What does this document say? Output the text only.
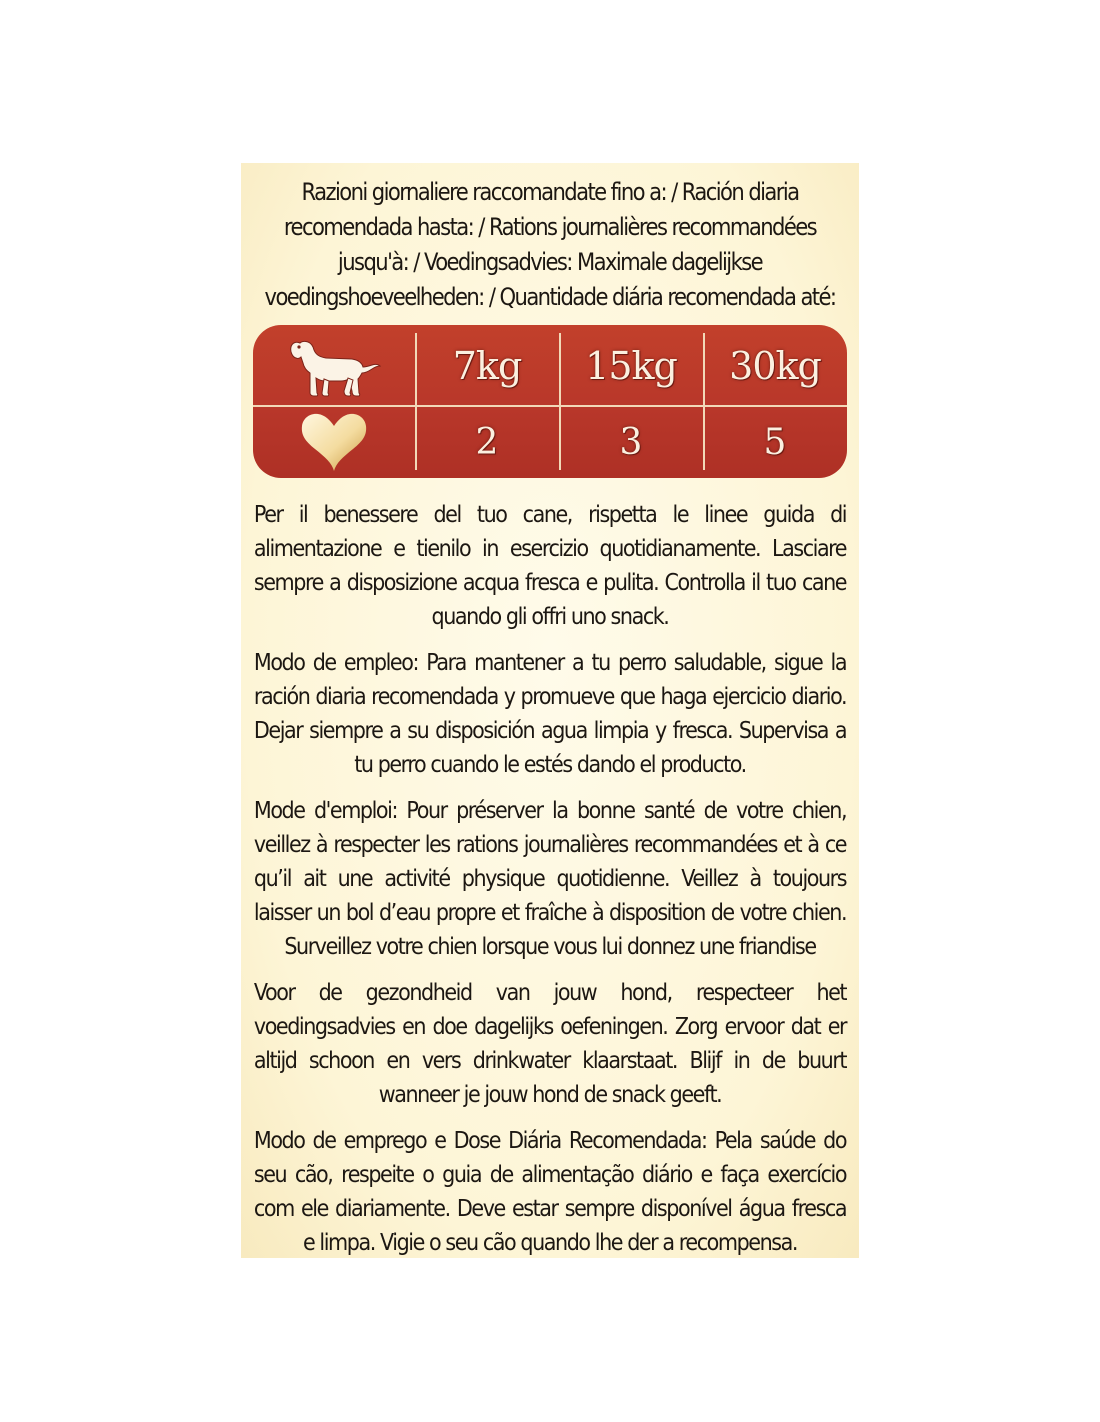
Razioni giornaliere raccomandate fino a: / Ración diaria recomendada hasta: / Rations journalières recommandées jusqu'à: / Voedingsadvies: Maximale dagelijkse voedingshoeveelheden: / Quantidade diária recomendada até:
7kg 15kg 30kg
2	3	5

Per il benessere del tuo cane, rispetta le linee guida di alimentazione e tienilo in esercizio quotidianamente. Lasciare sempre a disposizione acqua fresca e pulita. Controlla il tuo cane quando gli offri uno snack.

Modo de empleo: Para mantener a tu perro saludable, sigue la ración diaria recomendada y promueve que haga ejercicio diario. Dejar siempre a su disposición agua limpia y fresca. Supervisa a tu perro cuando le estés dando el producto.

Mode d'emploi: Pour préserver la bonne santé de votre chien, veillez à respecter les rations journalières recommandées et à ce qu’il ait une activité physique quotidienne. Veillez à toujours laisser un bol d’eau propre et fraîche à disposition de votre chien. Surveillez votre chien lorsque vous lui donnez une friandise

Voor de gezondheid van jouw hond, respecteer het voedingsadvies en doe dagelijks oefeningen. Zorg ervoor dat er altijd schoon en vers drinkwater klaarstaat. Blijf in de buurt wanneer je jouw hond de snack geeft.

Modo de emprego e Dose Diária Recomendada: Pela saúde do seu cão, respeite o guia de alimentação diário e faça exercício com ele diariamente. Deve estar sempre disponível água fresca e limpa. Vigie o seu cão quando lhe der a recompensa.
